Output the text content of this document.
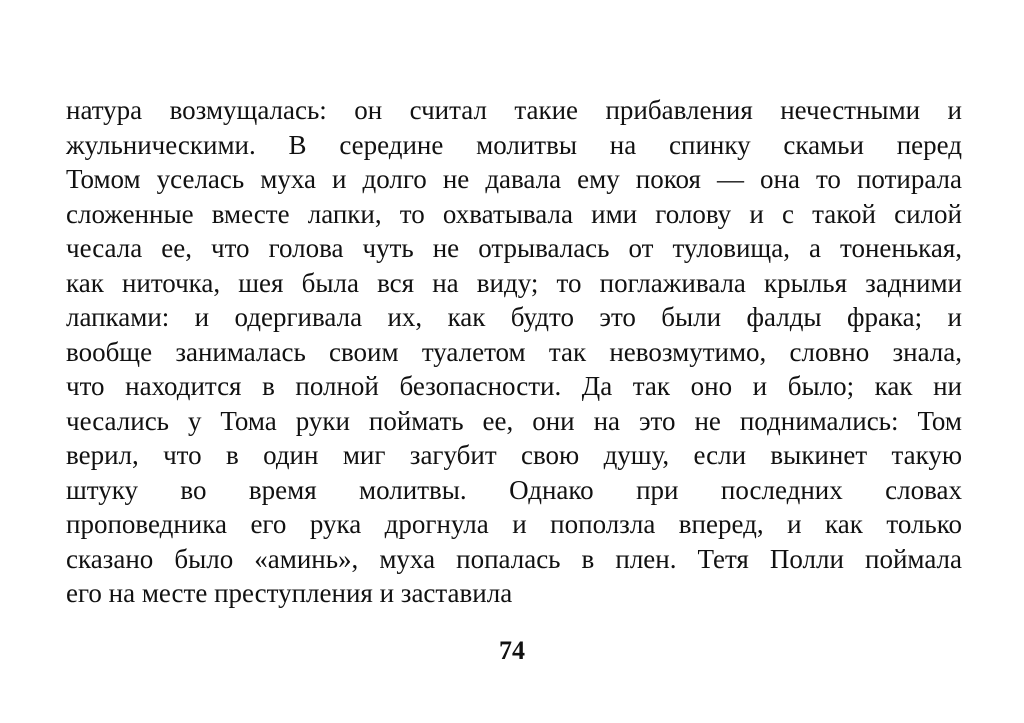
натура возмущалась: он считал такие прибавления нечестными и
жульническими. В середине молитвы на спинку скамьи перед
Томом уселась муха и долго не давала ему покоя — она то потирала
сложенные вместе лапки, то охватывала ими голову и с такой силой
чесала ее, что голова чуть не отрывалась от туловища, а тоненькая,
как ниточка, шея была вся на виду; то поглаживала крылья задними
лапками: и одергивала их, как будто это были фалды фрака; и
вообще занималась своим туалетом так невозмутимо, словно знала,
что находится в полной безопасности. Да так оно и было; как ни
чесались у Тома руки поймать ее, они на это не поднимались: Том
верил, что в один миг загубит свою душу, если выкинет такую
штуку во время молитвы. Однако при последних словах
проповедника его рука дрогнула и поползла вперед, и как только
сказано было «аминь», муха попалась в плен. Тетя Полли поймала
его на месте преступления и заставила
74
